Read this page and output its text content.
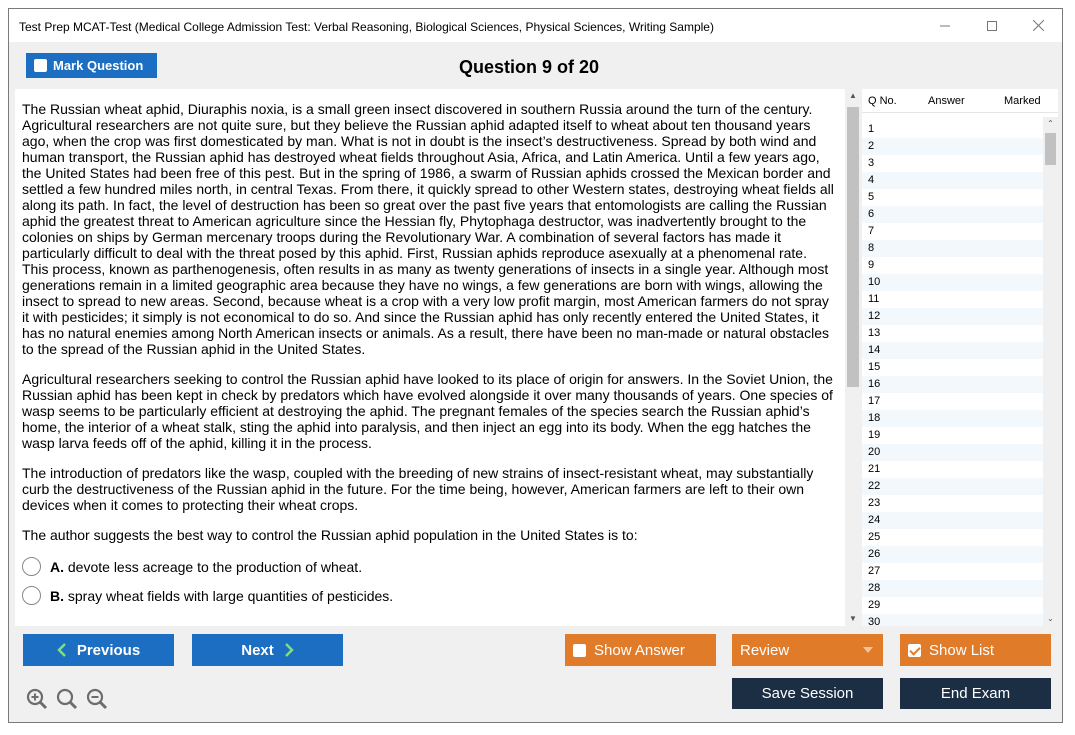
Test Prep MCAT-Test (Medical College Admission Test: Verbal Reasoning, Biological Sciences, Physical Sciences, Writing Sample)
Mark Question	Question 9 of 20

The Russian wheat aphid, Diuraphis noxia, is a small green insect discovered in southern Russia around the turn of the century. Agricultural researchers are not quite sure, but they believe the Russian aphid adapted itself to wheat about ten thousand years ago, when the crop was first domesticated by man. What is not in doubt is the insect’s destructiveness. Spread by both wind and human transport, the Russian aphid has destroyed wheat fields throughout Asia, Africa, and Latin America. Until a few years ago, the United States had been free of this pest. But in the spring of 1986, a swarm of Russian aphids crossed the Mexican border and settled a few hundred miles north, in central Texas. From there, it quickly spread to other Western states, destroying wheat fields all along its path. In fact, the level of destruction has been so great over the past five years that entomologists are calling the Russian aphid the greatest threat to American agriculture since the Hessian fly, Phytophaga destructor, was inadvertently brought to the colonies on ships by German mercenary troops during the Revolutionary War. A combination of several factors has made it particularly difficult to deal with the threat posed by this aphid. First, Russian aphids reproduce asexually at a phenomenal rate. This process, known as parthenogenesis, often results in as many as twenty generations of insects in a single year. Although most generations remain in a limited geographic area because they have no wings, a few generations are born with wings, allowing the insect to spread to new areas. Second, because wheat is a crop with a very low profit margin, most American farmers do not spray it with pesticides; it simply is not economical to do so. And since the Russian aphid has only recently entered the United States, it has no natural enemies among North American insects or animals. As a result, there have been no man-made or natural obstacles to the spread of the Russian aphid in the United States.

Agricultural researchers seeking to control the Russian aphid have looked to its place of origin for answers. In the Soviet Union, the Russian aphid has been kept in check by predators which have evolved alongside it over many thousands of years. One species of wasp seems to be particularly efficient at destroying the aphid. The pregnant females of the species search the Russian aphid’s home, the interior of a wheat stalk, sting the aphid into paralysis, and then inject an egg into its body. When the egg hatches the wasp larva feeds off of the aphid, killing it in the process.

The introduction of predators like the wasp, coupled with the breeding of new strains of insect-resistant wheat, may substantially curb the destructiveness of the Russian aphid in the future. For the time being, however, American farmers are left to their own devices when it comes to protecting their wheat crops.

The author suggests the best way to control the Russian aphid population in the United States is to:

A. devote less acreage to the production of wheat.
B. spray wheat fields with large quantities of pesticides.
▲
▼
Q No.	Answer	Marked
1
2
3
4
5
6
7
8
9
10
11
12
13
14
15
16
17
18
19
20
21
22
23
24
25
26
27
28
29
30
⌃
⌄
Previous	Next	Show Answer	Review	Show List
Save Session	End Exam
